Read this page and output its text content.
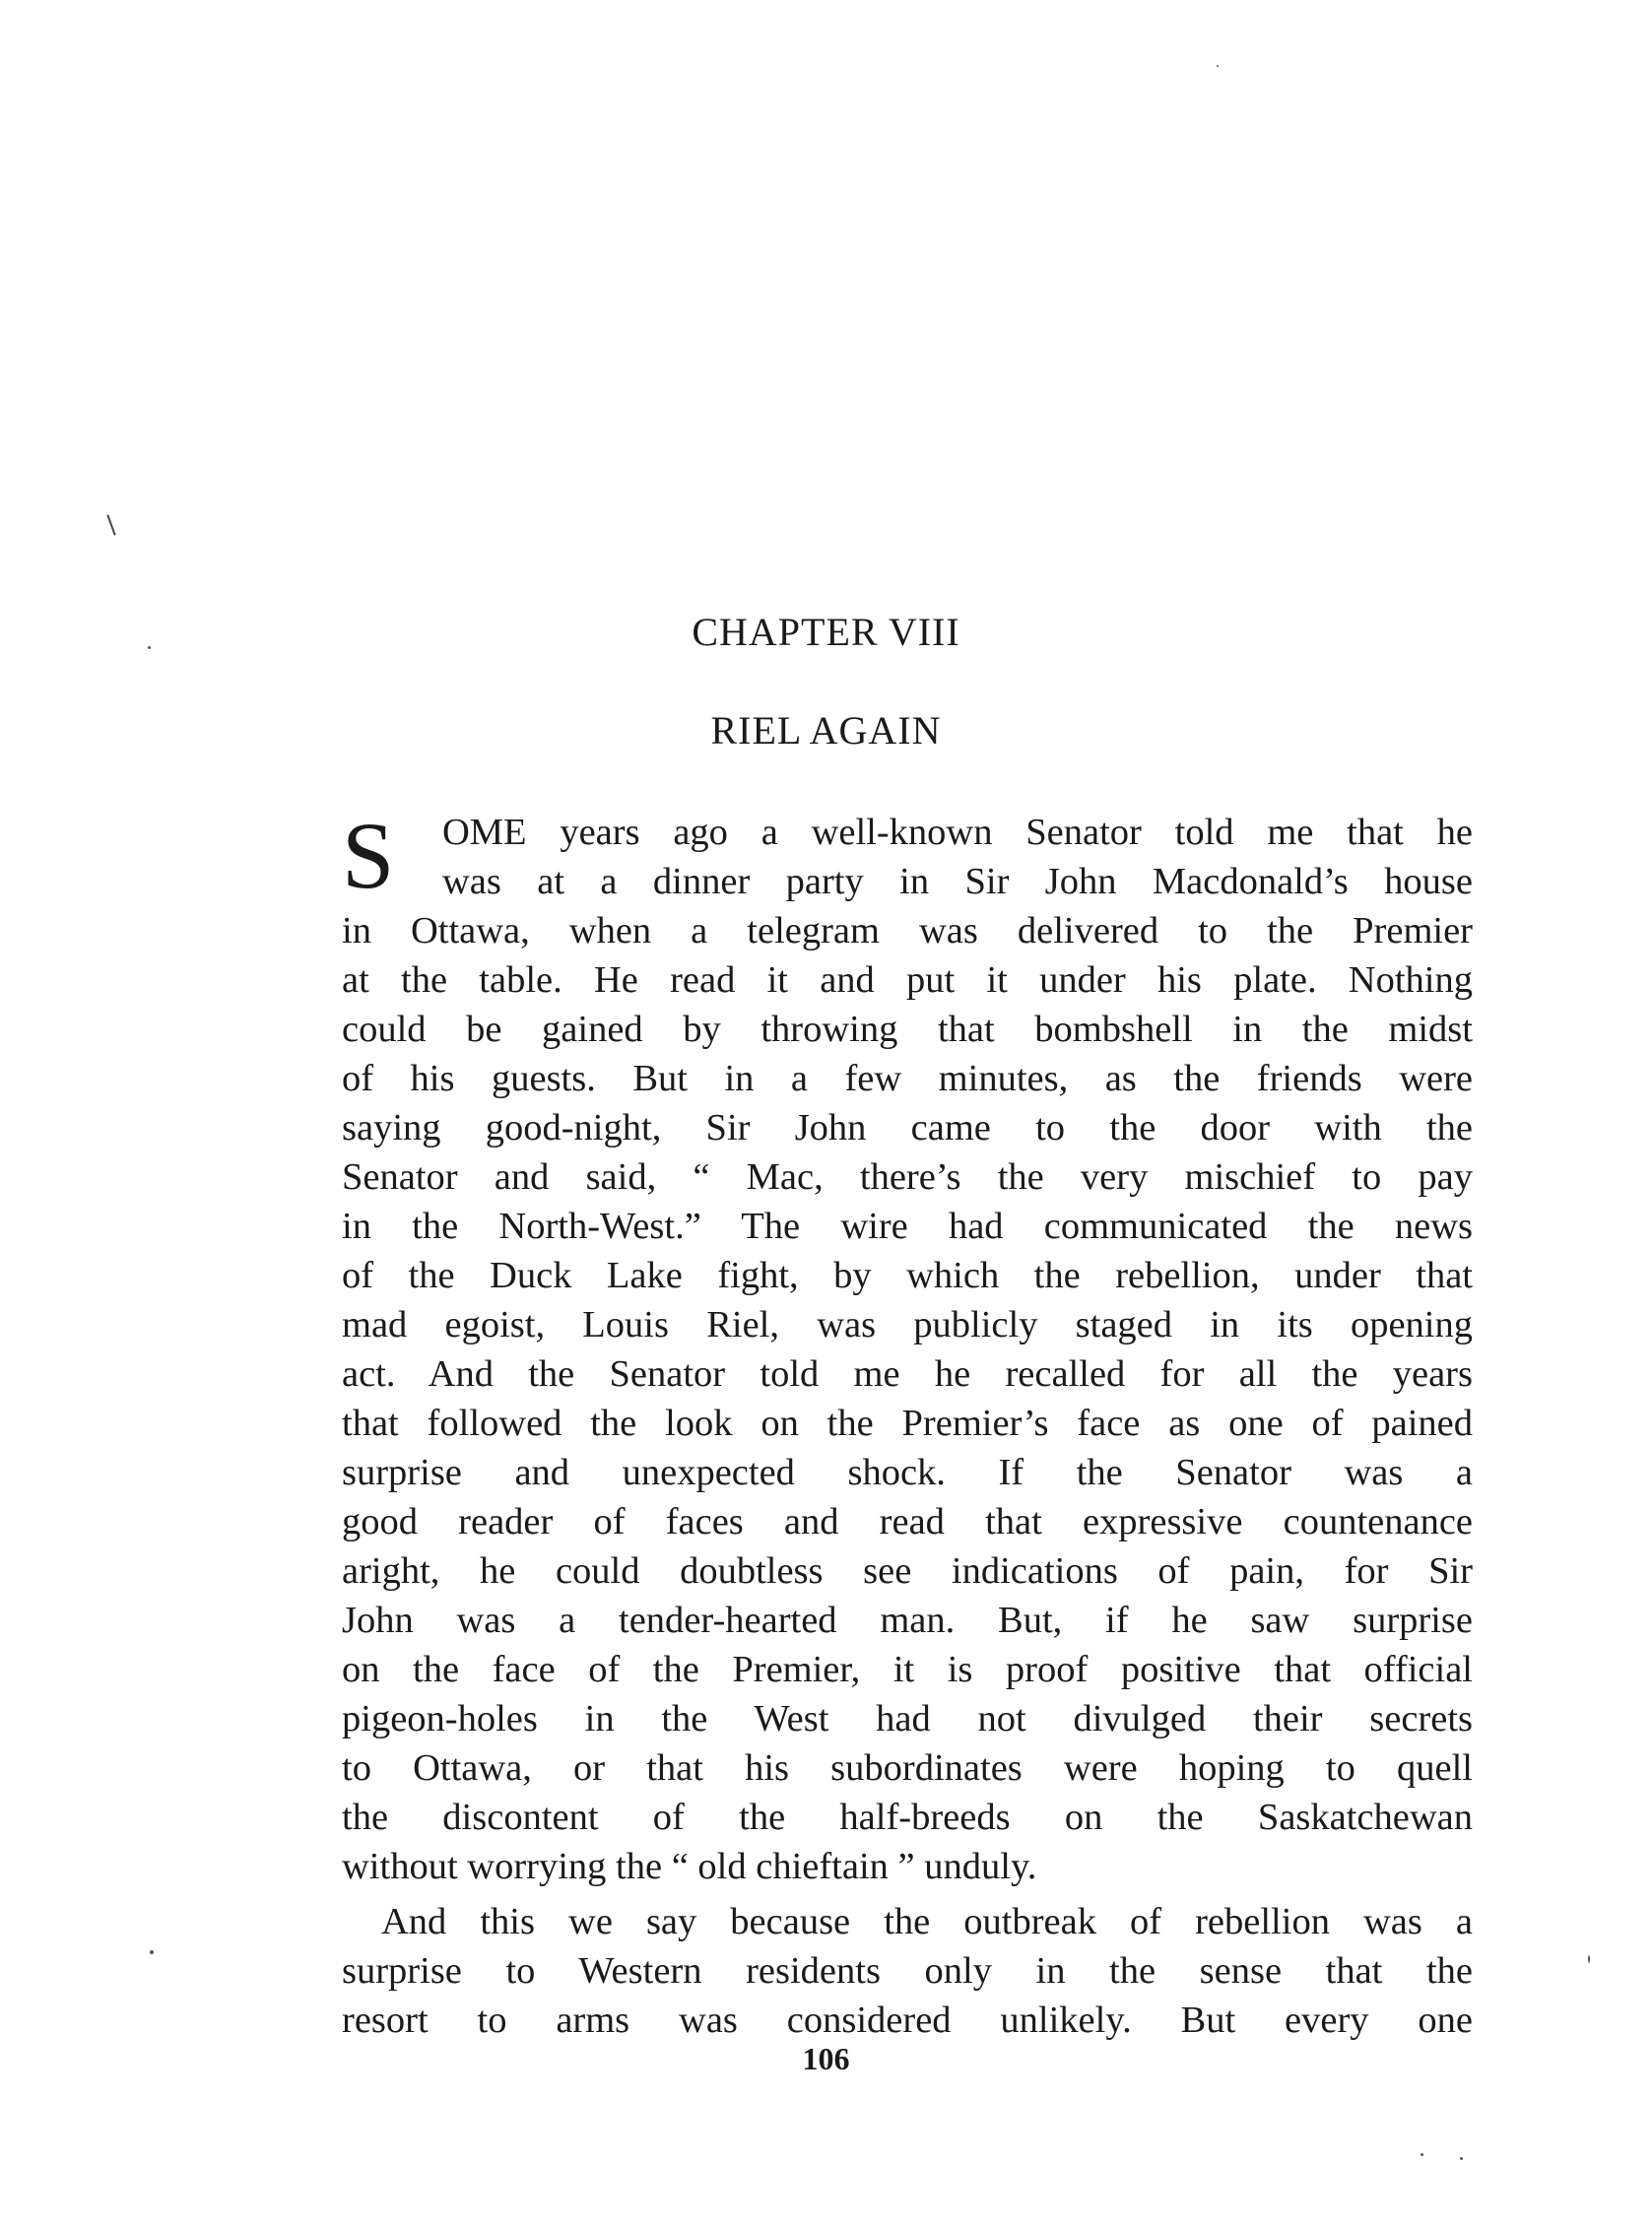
CHAPTER VIII
RIEL AGAIN
S OME years ago a well-known Senator told me that he
was at a dinner party in Sir John Macdonald’s house
in Ottawa, when a telegram was delivered to the Premier
at the table. He read it and put it under his plate. Nothing
could be gained by throwing that bombshell in the midst
of his guests. But in a few minutes, as the friends were
saying good-night, Sir John came to the door with the
Senator and said, “ Mac, there’s the very mischief to pay
in the North-West.” The wire had communicated the news
of the Duck Lake fight, by which the rebellion, under that
mad egoist, Louis Riel, was publicly staged in its opening
act. And the Senator told me he recalled for all the years
that followed the look on the Premier’s face as one of pained
surprise and unexpected shock. If the Senator was a
good reader of faces and read that expressive countenance
aright, he could doubtless see indications of pain, for Sir
John was a tender-hearted man. But, if he saw surprise
on the face of the Premier, it is proof positive that official
pigeon-holes in the West had not divulged their secrets
to Ottawa, or that his subordinates were hoping to quell
the discontent of the half-breeds on the Saskatchewan
without worrying the “ old chieftain ” unduly.
And this we say because the outbreak of rebellion was a
surprise to Western residents only in the sense that the
resort to arms was considered unlikely. But every one
106
